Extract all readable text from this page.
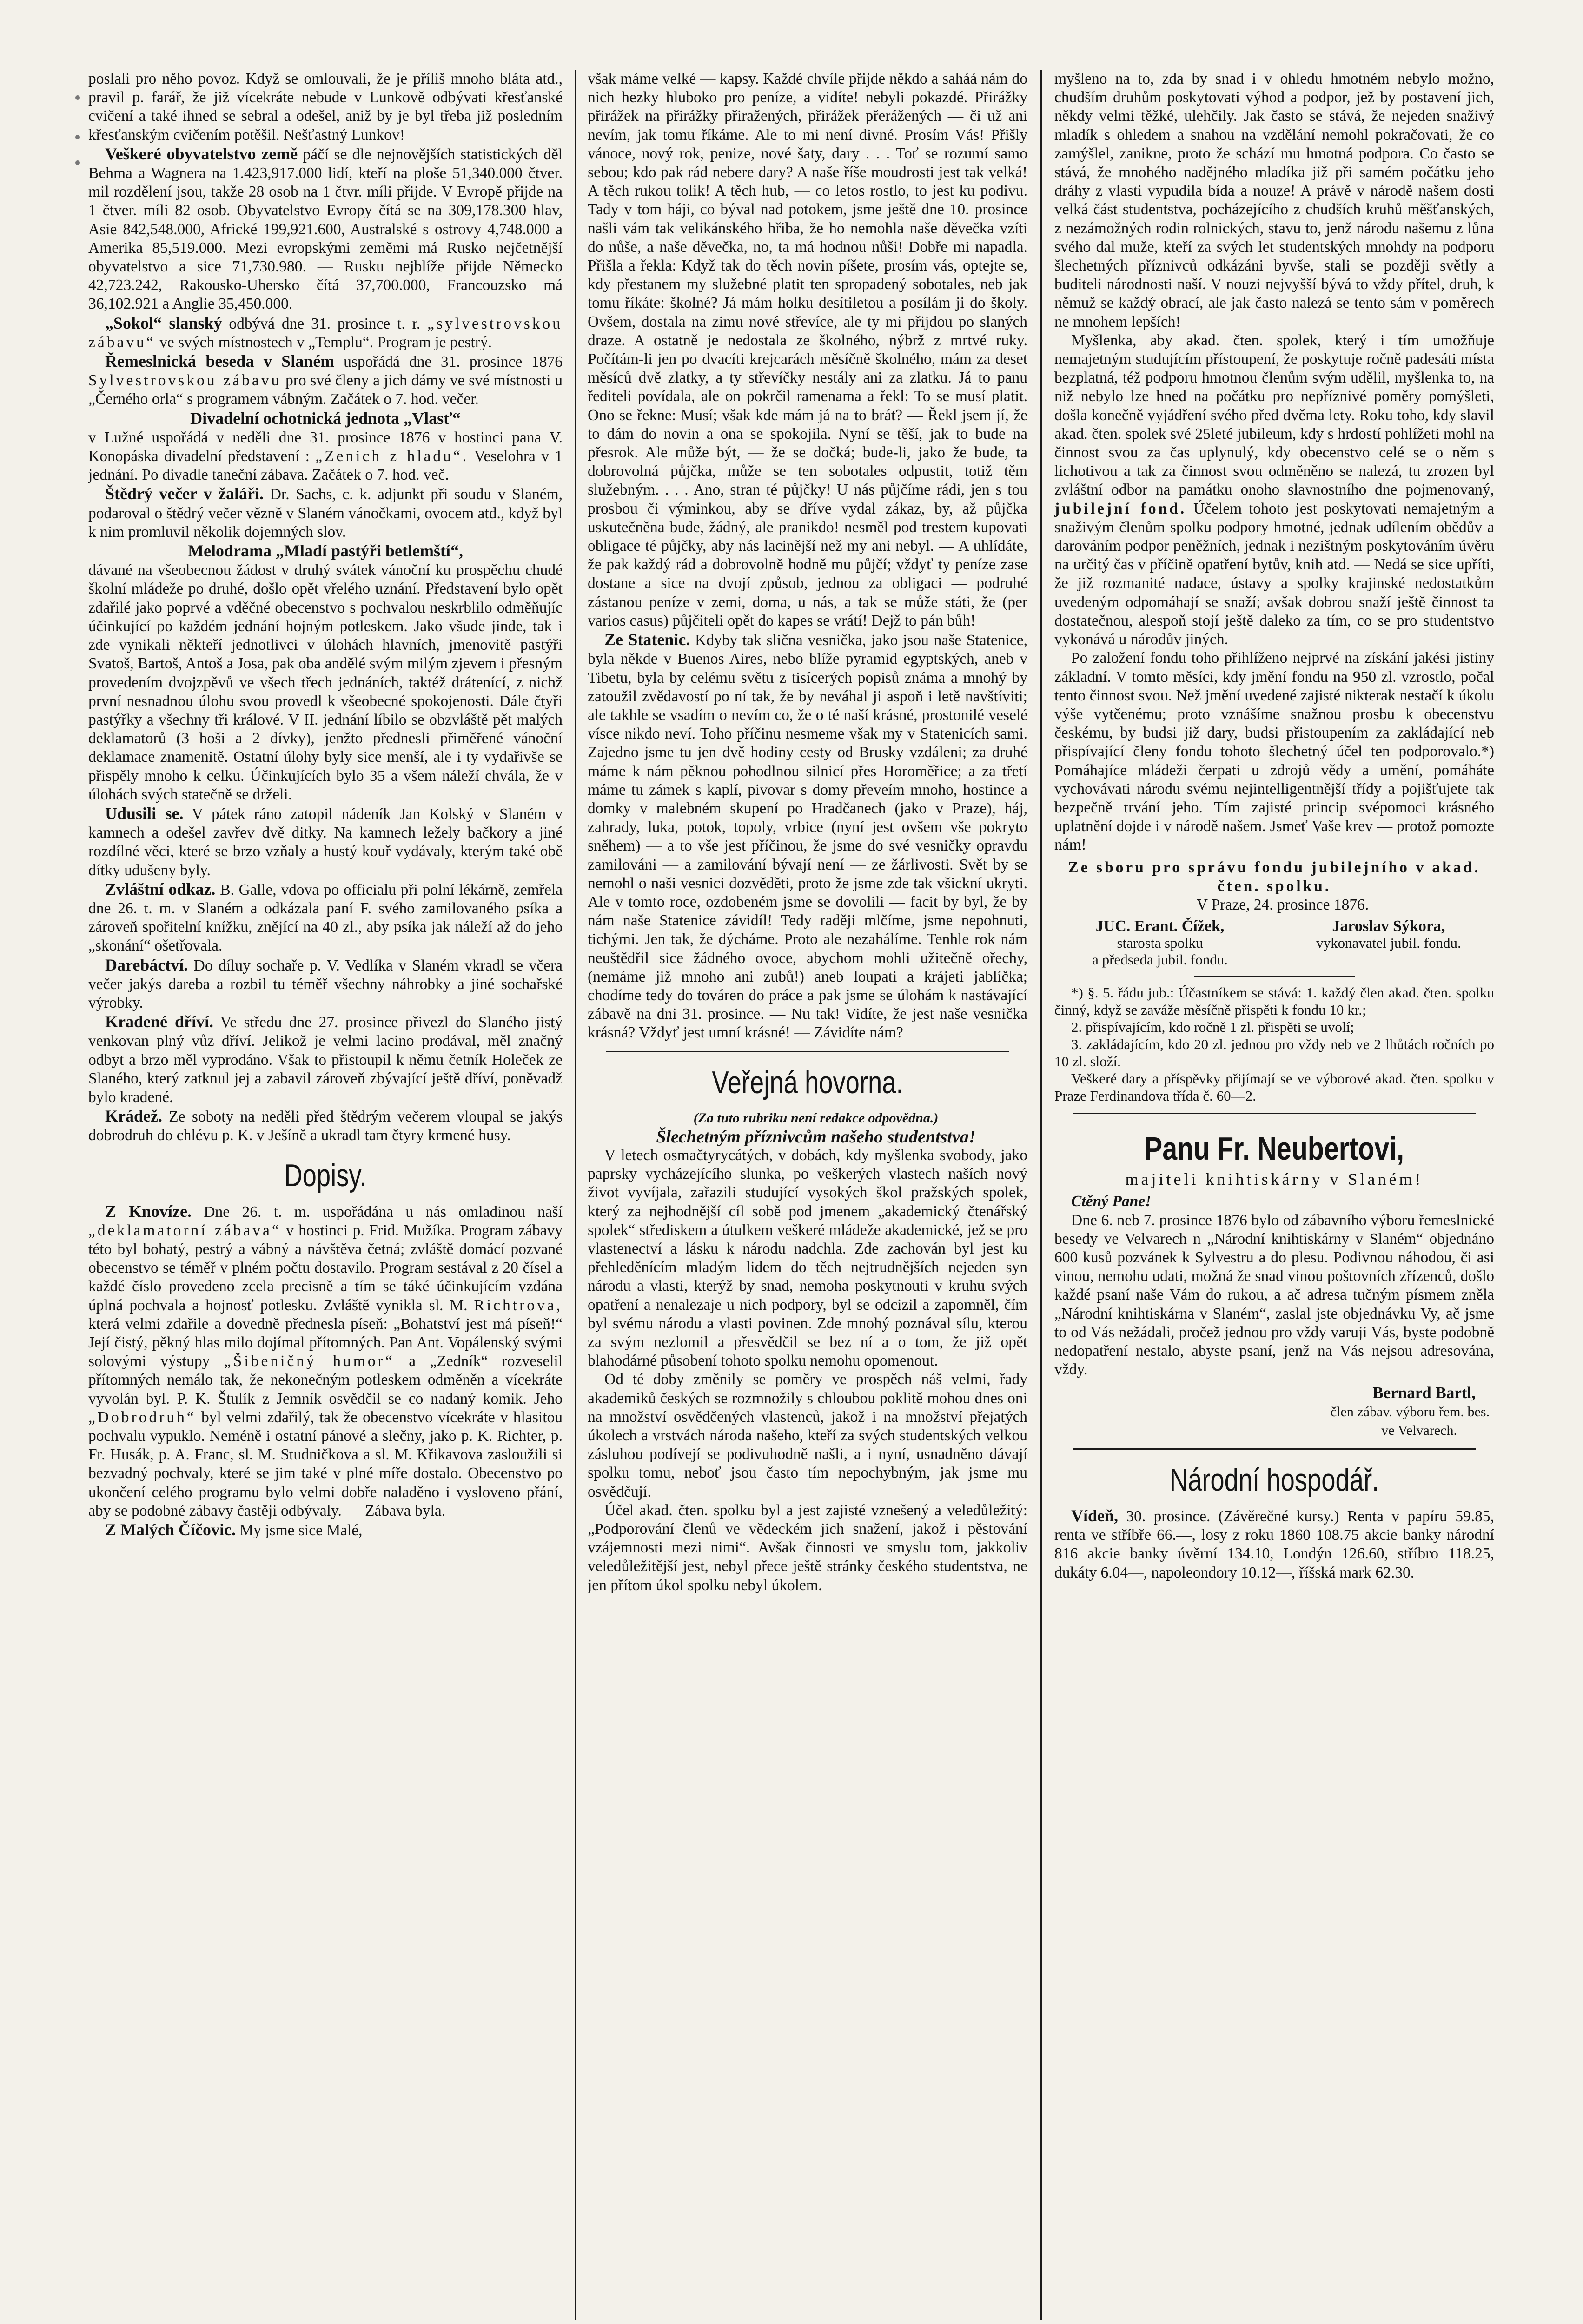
poslali pro něho povoz. Když se omlouvali, že je příliš mnoho bláta atd., pravil p. farář, že již vícekráte nebude v Lunkově odbývati křesťanské cvičení a také ihned se sebral a odešel, aniž by je byl třeba již posledním křesťanským cvičením potěšil. Nešťastný Lunkov!

Veškeré obyvatelstvo země páčí se dle nejnovějších statistických děl Behma a Wagnera na 1.423,917.000 lidí, kteří na ploše 51,340.000 čtver. mil rozdělení jsou, takže 28 osob na 1 čtvr. míli přijde. V Evropě přijde na 1 čtver. míli 82 osob. Obyvatelstvo Evropy čítá se na 309,178.300 hlav, Asie 842,548.000, Africké 199,921.600, Australské s ostrovy 4,748.000 a Amerika 85,519.000. Mezi evropskými zeměmi má Rusko nejčetnější obyvatelstvo a sice 71,730.980. — Rusku nejblíže přijde Německo 42,723.242, Rakousko-Uhersko čítá 37,700.000, Francouzsko má 36,102.921 a Anglie 35,450.000.

„Sokol“ slanský odbývá dne 31. prosince t. r. „sylvestrovskou zábavu“ ve svých místnostech v „Templu“. Program je pestrý.

Řemeslnická beseda v Slaném uspořádá dne 31. prosince 1876 Sylvestrovskou zábavu pro své členy a jich dámy ve své místnosti u „Černého orla“ s programem vábným. Začátek o 7. hod. večer.

Divadelní ochotnická jednota „Vlasť“

v Lužné uspořádá v neděli dne 31. prosince 1876 v hostinci pana V. Konopáska divadelní představení : „Zenich z hladu“. Veselohra v 1 jednání. Po divadle taneční zábava. Začátek o 7. hod. več.

Štědrý večer v žaláři. Dr. Sachs, c. k. adjunkt při soudu v Slaném, podaroval o štědrý večer vězně v Slaném vánočkami, ovocem atd., když byl k nim promluvil několik dojemných slov.

Melodrama „Mladí pastýři betlemští“,

dávané na všeobecnou žádost v druhý svátek vánoční ku prospěchu chudé školní mládeže po druhé, došlo opět vřelého uznání. Představení bylo opět zdařilé jako poprvé a vděčné obecenstvo s pochvalou neskrblilo odměňujíc účinkující po každém jednání hojným potleskem. Jako všude jinde, tak i zde vynikali někteří jednotlivci v úlohách hlavních, jmenovitě pastýři Svatoš, Bartoš, Antoš a Josa, pak oba andělé svým milým zjevem i přesným provedením dvojzpěvů ve všech třech jednáních, taktéž drátenící, z nichž první nesnadnou úlohu svou provedl k všeobecné spokojenosti. Dále čtyři pastýřky a všechny tři králové. V II. jednání líbilo se obzvláště pět malých deklamatorů (3 hoši a 2 dívky), jenžto přednesli přiměřené vánoční deklamace znamenitě. Ostatní úlohy byly sice menší, ale i ty vydařivše se přispěly mnoho k celku. Účinkujících bylo 35 a všem náleží chvála, že v úlohách svých statečně se drželi.

Udusili se. V pátek ráno zatopil nádeník Jan Kolský v Slaném v kamnech a odešel zavřev dvě ditky. Na kamnech ležely bačkory a jiné rozdílné věci, které se brzo vzňaly a hustý kouř vydávaly, kterým také obě dítky udušeny byly.

Zvláštní odkaz. B. Galle, vdova po officialu při polní lékárně, zemřela dne 26. t. m. v Slaném a odkázala paní F. svého zamilovaného psíka a zároveň spořitelní knížku, znějící na 40 zl., aby psíka jak náleží až do jeho „skonání“ ošetřovala.

Darebáctví. Do díluy sochaře p. V. Vedlíka v Slaném vkradl se včera večer jakýs dareba a rozbil tu téměř všechny náhrobky a jiné sochařské výrobky.

Kradené dříví. Ve středu dne 27. prosince přivezl do Slaného jistý venkovan plný vůz dříví. Jelikož je velmi lacino prodával, měl značný odbyt a brzo měl vyprodáno. Však to přistoupil k němu četník Holeček ze Slaného, který zatknul jej a zabavil zároveň zbývající ještě dříví, poněvadž bylo kradené.

Krádež. Ze soboty na neděli před štědrým večerem vloupal se jakýs dobrodruh do chlévu p. K. v Ješíně a ukradl tam čtyry krmené husy.

Dopisy.

Z Knovíze. Dne 26. t. m. uspořádána u nás omladinou naší „deklamatorní zábava“ v hostinci p. Frid. Mužíka. Program zábavy této byl bohatý, pestrý a vábný a návštěva četná; zvláště domácí pozvané obecenstvo se téměř v plném počtu dostavilo. Program sestával z 20 čísel a každé číslo provedeno zcela precisně a tím se táké účinkujícím vzdána úplná pochvala a hojnosť potlesku. Zvláště vynikla sl. M. Richtrova, která velmi zdařile a dovedně přednesla píseň: „Bohatství jest má píseň!“ Její čistý, pěkný hlas milo dojímal přítomných. Pan Ant. Vopálenský svými solovými výstupy „Šibeničný humor“ a „Zedník“ rozveselil přítomných nemálo tak, že nekonečným potleskem odměněn a vícekráte vyvolán byl. P. K. Štulík z Jemník osvědčil se co nadaný komik. Jeho „Dobrodruh“ byl velmi zdařilý, tak že obecenstvo vícekráte v hlasitou pochvalu vypuklo. Neméně i ostatní pánové a slečny, jako p. K. Richter, p. Fr. Husák, p. A. Franc, sl. M. Studničkova a sl. M. Křikavova zasloužili si bezvadný pochvaly, které se jim také v plné míře dostalo. Obecenstvo po ukončení celého programu bylo velmi dobře naladěno i vysloveno přání, aby se podobné zábavy častěji odbývaly. — Zábava byla.

Z Malých Číčovic. My jsme sice Malé,

však máme velké — kapsy. Každé chvíle přijde někdo a saháá nám do nich hezky hluboko pro peníze, a vidíte! nebyli pokazdé. Přirážky přirážek na přirážky přiražených, přirážek přerážených — či už ani nevím, jak tomu říkáme. Ale to mi není divné. Prosím Vás! Přišly vánoce, nový rok, penize, nové šaty, dary . . . Toť se rozumí samo sebou; kdo pak rád nebere dary? A naše říše moudrosti jest tak velká! A těch rukou tolik! A těch hub, — co letos rostlo, to jest ku podivu. Tady v tom háji, co býval nad potokem, jsme ještě dne 10. prosince našli vám tak velikánského hřiba, že ho nemohla naše děvečka vzíti do nůše, a naše děvečka, no, ta má hodnou nůši! Dobře mi napadla. Přišla a řekla: Když tak do těch novin píšete, prosím vás, optejte se, kdy přestanem my služebné platit ten spropadený sobotales, neb jak tomu říkáte: školné? Já mám holku desítiletou a posílám ji do školy. Ovšem, dostala na zimu nové střevíce, ale ty mi přijdou po slaných draze. A ostatně je nedostala ze školného, nýbrž z mrtvé ruky. Počítám-li jen po dvacíti krejcarách měsíčně školného, mám za deset měsíců dvě zlatky, a ty střevíčky nestály ani za zlatku. Já to panu řediteli povídala, ale on pokrčil ramenama a řekl: To se musí platit. Ono se řekne: Musí; však kde mám já na to brát? — Řekl jsem jí, že to dám do novin a ona se spokojila. Nyní se těší, jak to bude na přesrok. Ale může být, — že se dočká; bude-li, jako že bude, ta dobrovolná půjčka, může se ten sobotales odpustit, totiž těm služebným. . . . Ano, stran té půjčky! U nás půjčíme rádi, jen s tou prosbou či výminkou, aby se dříve vydal zákaz, by, až půjčka uskutečněna bude, žádný, ale pranikdo! nesměl pod trestem kupovati obligace té půjčky, aby nás lacinější než my ani nebyl. — A uhlídáte, že pak každý rád a dobrovolně hodně mu půjčí; vždyť ty peníze zase dostane a sice na dvojí způsob, jednou za obligaci — podruhé zástanou peníze v zemi, doma, u nás, a tak se může státi, že (per varios casus) půjčiteli opět do kapes se vrátí! Dejž to pán bůh!

Ze Statenic. Kdyby tak slična vesnička, jako jsou naše Statenice, byla někde v Buenos Aires, nebo blíže pyramid egyptských, aneb v Tibetu, byla by celému světu z tisícerých popisů známa a mnohý by zatoužil zvědavostí po ní tak, že by neváhal ji aspoň i letě navštíviti; ale takhle se vsadím o nevím co, že o té naší krásné, prostonilé veselé vísce nikdo neví. Toho příčinu nesmeme však my v Statenicích sami. Zajedno jsme tu jen dvě hodiny cesty od Brusky vzdáleni; za druhé máme k nám pěknou pohodlnou silnicí přes Horoměřice; a za třetí máme tu zámek s kaplí, pivovar s domy převeím mnoho, hostince a domky v malebném skupení po Hradčanech (jako v Praze), háj, zahrady, luka, potok, topoly, vrbice (nyní jest ovšem vše pokryto sněhem) — a to vše jest příčinou, že jsme do své vesničky opravdu zamilováni — a zamilování bývají není — ze žárlivosti. Svět by se nemohl o naši vesnici dozvěděti, proto že jsme zde tak všickní ukryti. Ale v tomto roce, ozdobeném jsme se dovolili — facit by byl, že by nám naše Statenice závidíl! Tedy raději mlčíme, jsme nepohnuti, tichými. Jen tak, že dýcháme. Proto ale nezahálíme. Tenhle rok nám neuštědřil sice žádného ovoce, abychom mohli užitečně ořechy, (nemáme již mnoho ani zubů!) aneb loupati a krájeti jablíčka; chodíme tedy do továren do práce a pak jsme se úlohám k nastávající zábavě na dni 31. prosince. — Nu tak! Vidíte, že jest naše vesnička krásná? Vždyť jest umní krásné! — Závidíte nám?

Veřejná hovorna.

(Za tuto rubriku není redakce odpovědna.)

Šlechetným příznivcům našeho studentstva!

V letech osmačtyrycátých, v dobách, kdy myšlenka svobody, jako paprsky vycházejícího slunka, po veškerých vlastech naších nový život vyvíjala, zařazili studující vysokých škol pražských spolek, který za nejhodnější cíl sobě pod jmenem „akademický čtenářský spolek“ střediskem a útulkem veškeré mládeže akademické, jež se pro vlastenectví a lásku k národu nadchla. Zde zachován byl jest ku přehleděnícím mladým lidem do těch nejtrudnějších nejeden syn národu a vlasti, kterýž by snad, nemoha poskytnouti v kruhu svých opatření a nenalezaje u nich podpory, byl se odcizil a zapomněl, čím byl svému národu a vlasti povinen. Zde mnohý poznával sílu, kterou za svým nezlomil a přesvědčil se bez ní a o tom, že již opět blahodárné působení tohoto spolku nemohu opomenout.

Od té doby změnily se poměry ve prospěch náš velmi, řady akademiků českých se rozmnožily s chloubou poklitě mohou dnes oni na množství osvědčených vlastenců, jakož i na množství přejatých úkolech a vrstvách národa našeho, kteří za svých studentských velkou zásluhou podívejí se podivuhodně našli, a i nyní, usnadněno dávají spolku tomu, neboť jsou často tím nepochybným, jak jsme mu osvědčují.

Účel akad. čten. spolku byl a jest zajisté vznešený a veledůležitý: „Podporování členů ve vědeckém jich snažení, jakož i pěstování vzájemnosti mezi nimi“. Avšak činnosti ve smyslu tom, jakkoliv veledůležitější jest, nebyl přece ještě stránky českého studentstva, ne jen přítom úkol spolku nebyl úkolem.

myšleno na to, zda by snad i v ohledu hmotném nebylo možno, chudším druhům poskytovati výhod a podpor, jež by postavení jich, někdy velmi těžké, ulehčily. Jak často se stává, že nejeden snaživý mladík s ohledem a snahou na vzdělání nemohl pokračovati, že co zamýšlel, zanikne, proto že schází mu hmotná podpora. Co často se stává, že mnohého nadějného mladíka již při samém počátku jeho dráhy z vlasti vypudila bída a nouze! A právě v národě našem dosti velká část studentstva, pocházejícího z chudších kruhů měšťanských, z nezámožných rodin rolnických, stavu to, jenž národu našemu z lůna svého dal muže, kteří za svých let studentských mnohdy na podporu šlechetných příznivců odkázáni byvše, stali se později světly a buditeli národnosti naší. V nouzi nejvyšší bývá to vždy přítel, druh, k němuž se každý obrací, ale jak často nalezá se tento sám v poměrech ne mnohem lepších!

Myšlenka, aby akad. čten. spolek, který i tím umožňuje nemajetným studujícím přístoupení, že poskytuje ročně padesáti místa bezplatná, též podporu hmotnou členům svým udělil, myšlenka to, na niž nebylo lze hned na počátku pro nepříznivé poměry pomýšleti, došla konečně vyjádření svého před dvěma lety. Roku toho, kdy slavil akad. čten. spolek své 25leté jubileum, kdy s hrdostí pohlížeti mohl na činnost svou za čas uplynulý, kdy obecenstvo celé se o něm s lichotivou a tak za činnost svou odměněno se nalezá, tu zrozen byl zvláštní odbor na památku onoho slavnostního dne pojmenovaný, jubilejní fond. Účelem tohoto jest poskytovati nemajetným a snaživým členům spolku podpory hmotné, jednak udílením obědův a darováním podpor peněžních, jednak i nezištným poskytováním úvěru na určitý čas v příčině opatření bytův, knih atd. — Nedá se sice upříti, že již rozmanité nadace, ústavy a spolky krajinské nedostatkům uvedeným odpomáhají se snaží; avšak dobrou snaží ještě činnost ta dostatečnou, alespoň stojí ještě daleko za tím, co se pro studentstvo vykonává u národův jiných.

Po založení fondu toho přihlíženo nejprvé na získání jakési jistiny základní. V tomto měsíci, kdy jmění fondu na 950 zl. vzrostlo, počal tento činnost svou. Než jmění uvedené zajisté nikterak nestačí k úkolu výše vytčenému; proto vznášíme snažnou prosbu k obecenstvu českému, by budsi již dary, budsi přistoupením za zakládající neb přispívající členy fondu tohoto šlechetný účel ten podporovalo.*) Pomáhajíce mládeži čerpati u zdrojů vědy a umění, pomáháte vychovávati národu svému nejintelligentnější třídy a pojišťujete tak bezpečně trvání jeho. Tím zajisté princip svépomoci krásného uplatnění dojde i v národě našem. Jsmeť Vaše krev — protož pomozte nám!

Ze sboru pro správu fondu jubilejního v akad. čten. spolku.

V Praze, 24. prosince 1876.

JUC. Erant. Čížek,
starosta spolku
a předseda jubil. fondu.
Jaroslav Sýkora,
vykonavatel jubil. fondu.

*) §. 5. řádu jub.: Účastníkem se stává: 1. každý člen akad. čten. spolku činný, když se zaváže měsíčně přispěti k fondu 10 kr.;

2. přispívajícím, kdo ročně 1 zl. přispěti se uvolí;

3. zakládajícím, kdo 20 zl. jednou pro vždy neb ve 2 lhůtách ročních po 10 zl. složí.

Veškeré dary a příspěvky přijímají se ve výborové akad. čten. spolku v Praze Ferdinandova třída č. 60—2.

Panu Fr. Neubertovi,
majiteli knihtiskárny v Slaném!

Ctěný Pane!

Dne 6. neb 7. prosince 1876 bylo od zábavního výboru řemeslnické besedy ve Velvarech n „Národní knihtiskárny v Slaném“ objednáno 600 kusů pozvánek k Sylvestru a do plesu. Podivnou náhodou, či asi vinou, nemohu udati, možná že snad vinou poštovních zřízenců, došlo každé psaní naše Vám do rukou, a ač adresa tučným písmem zněla „Národní knihtiskárna v Slaném“, zaslal jste objednávku Vy, ač jsme to od Vás nežádali, pročež jednou pro vždy varuji Vás, byste podobně nedopatření nestalo, abyste psaní, jenž na Vás nejsou adresována, vždy.

Bernard Bartl,
člen zábav. výboru řem. bes.
ve Velvarech.
Národní hospodář.

Vídeň, 30. prosince. (Závěrečné kursy.) Renta v papíru 59.85, renta ve stříbře 66.—, losy z roku 1860 108.75 akcie banky národní 816 akcie banky úvěrní 134.10, Londýn 126.60, stříbro 118.25, dukáty 6.04—, napoleondory 10.12—, říšská mark 62.30.
